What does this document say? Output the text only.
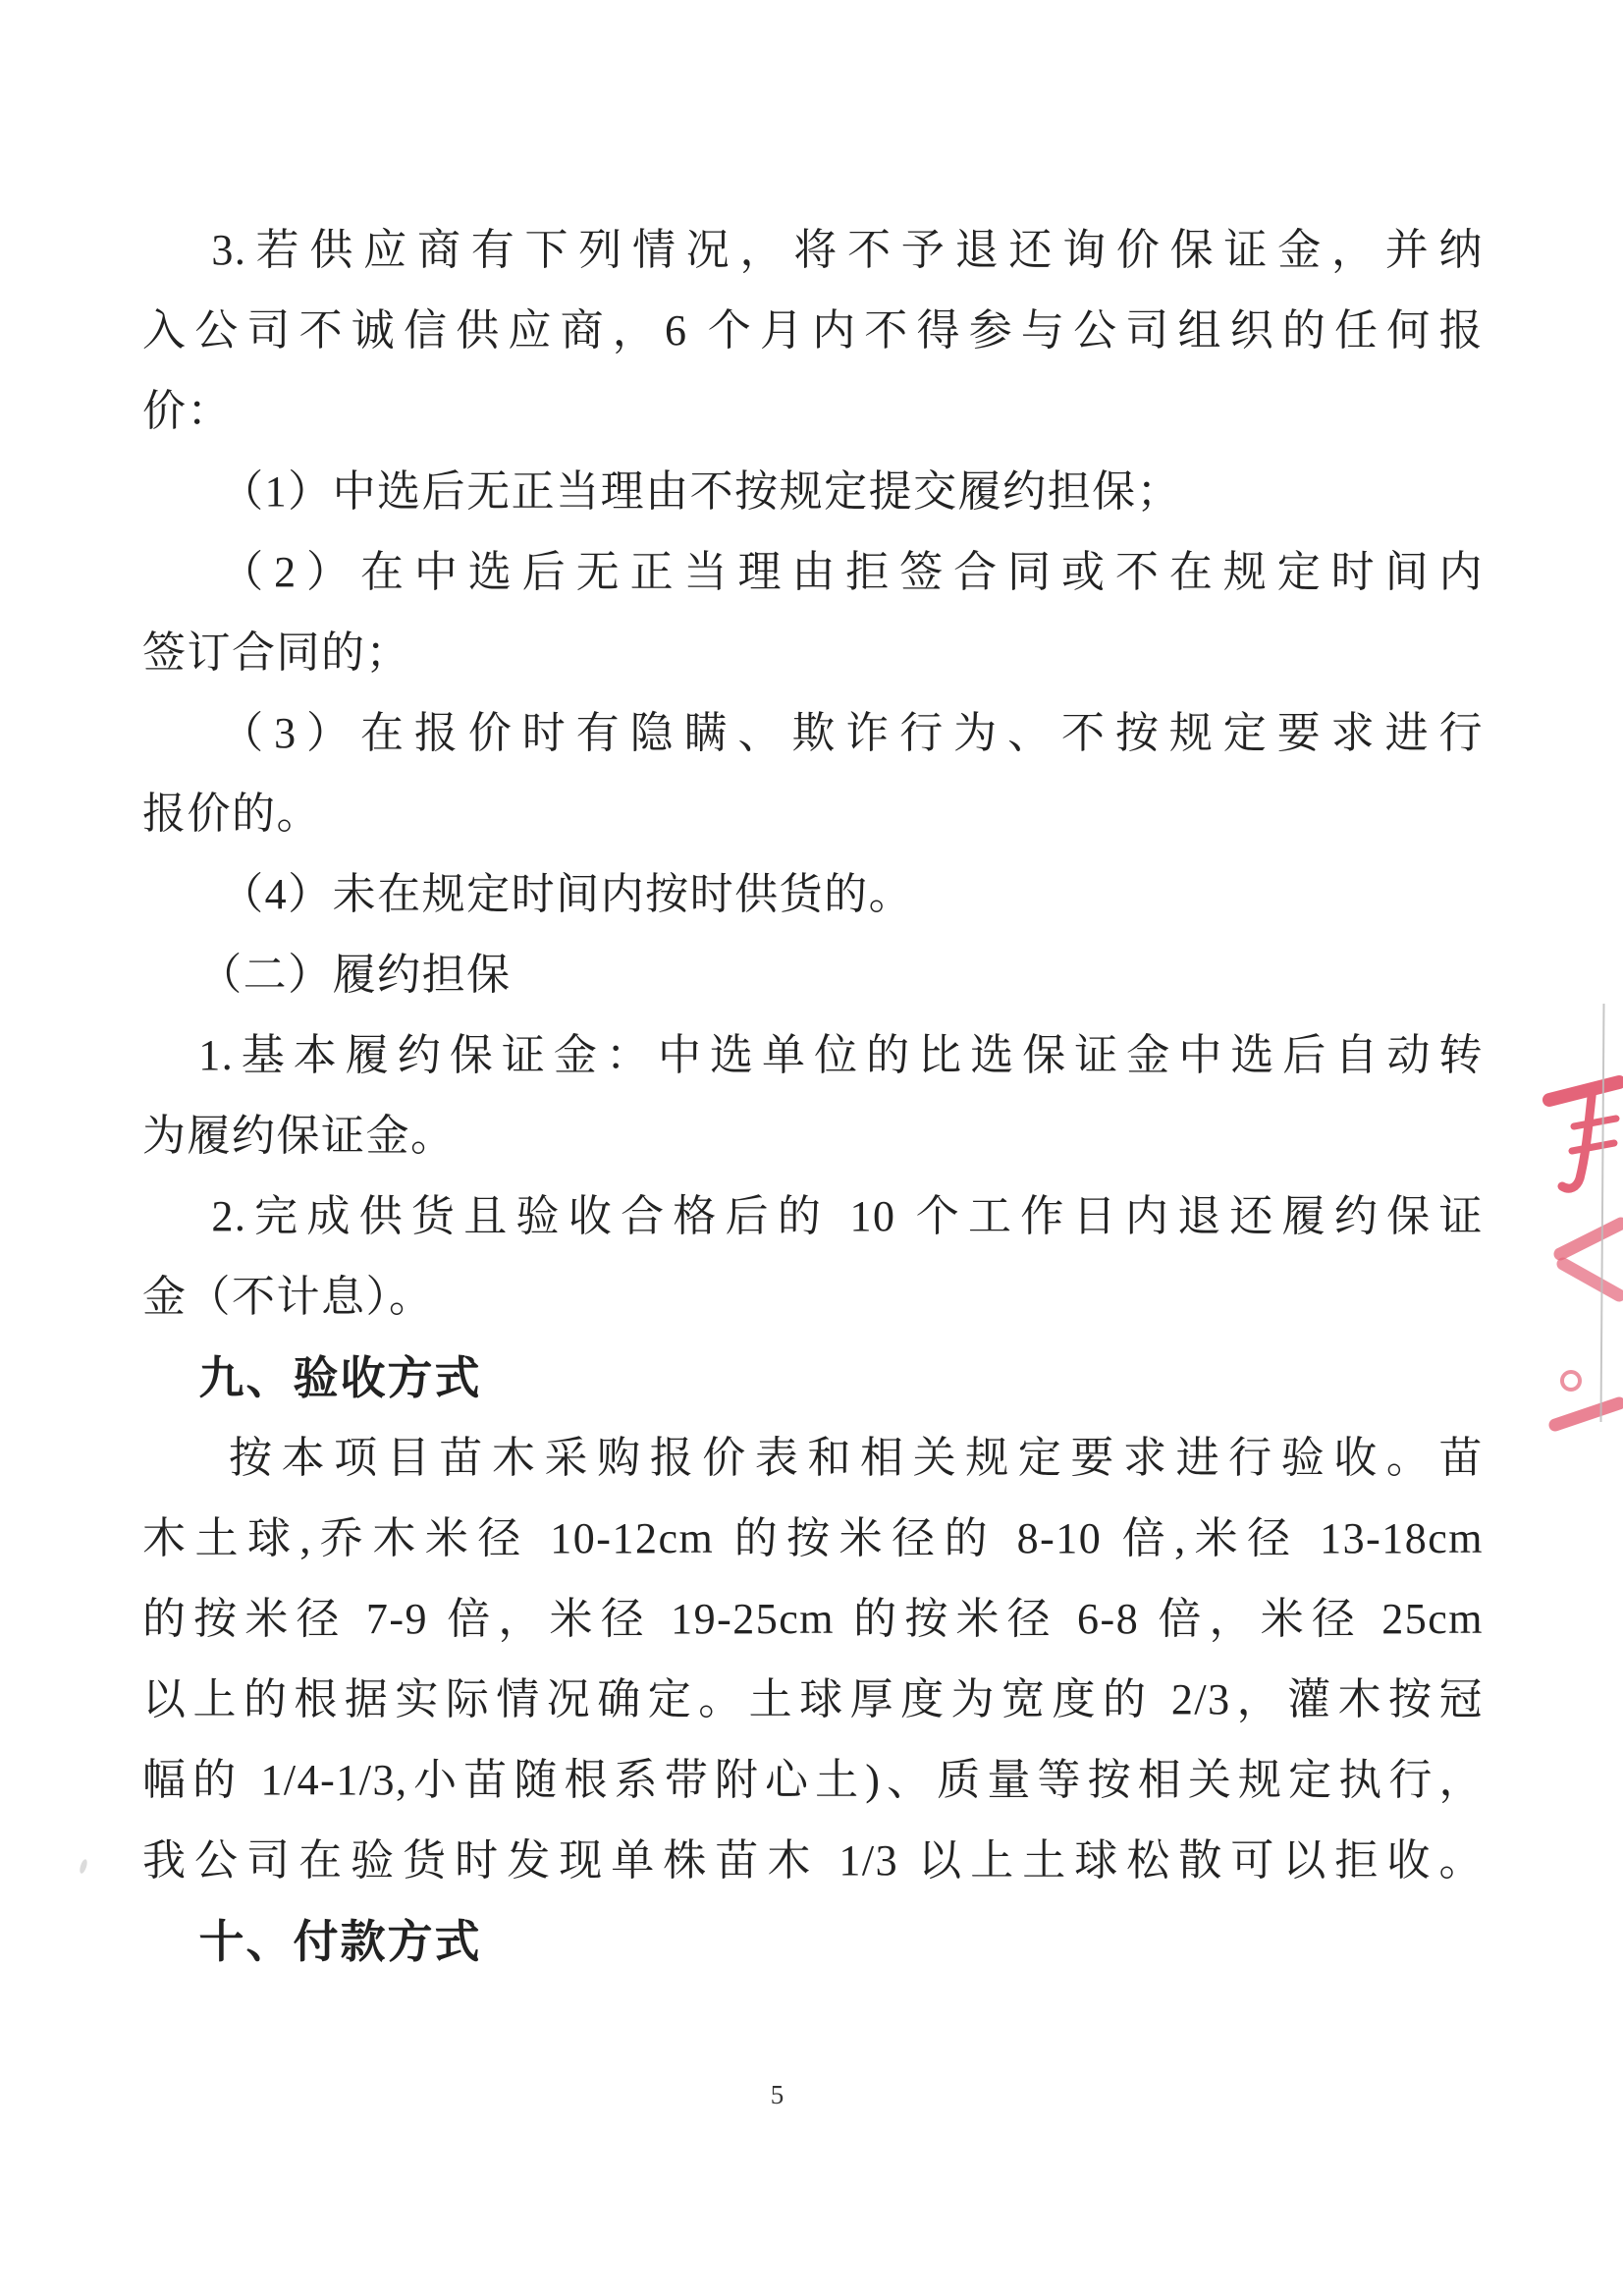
3.若供应商有下列情况，将不予退还询价保证金，并纳
入公司不诚信供应商，6 个月内不得参与公司组织的任何报
价：
（1）中选后无正当理由不按规定提交履约担保；
（2）在中选后无正当理由拒签合同或不在规定时间内
签订合同的；
（3）在报价时有隐瞒、欺诈行为、不按规定要求进行
报价的。
（4）未在规定时间内按时供货的。
（二）履约担保
1.基本履约保证金：中选单位的比选保证金中选后自动转
为履约保证金。
2.完成供货且验收合格后的 10 个工作日内退还履约保证
金（不计息）。
九、验收方式
按本项目苗木采购报价表和相关规定要求进行验收。苗
木土球,乔木米径 10-12cm 的按米径的 8-10 倍,米径 13-18cm
的按米径 7-9 倍，米径 19-25cm 的按米径 6-8 倍，米径 25cm
以上的根据实际情况确定。土球厚度为宽度的 2/3，灌木按冠
幅的 1/4-1/3,小苗随根系带附心土)、质量等按相关规定执行，
我公司在验货时发现单株苗木 1/3 以上土球松散可以拒收。
十、付款方式
5
